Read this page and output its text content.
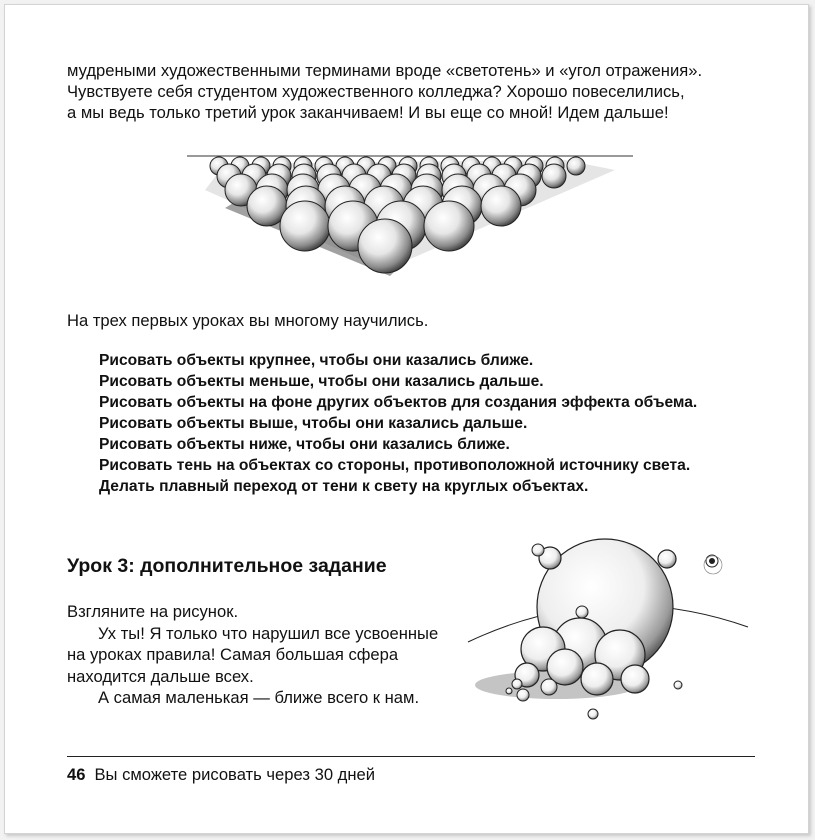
мудреными художественными терминами вроде «светотень» и «угол отражения».
Чувствуете себя студентом художественного колледжа? Хорошо повеселились,
а мы ведь только третий урок заканчиваем! И вы еще со мной! Идем дальше!

На трех первых уроках вы многому научились.

Рисовать объекты крупнее, чтобы они казались ближе.
Рисовать объекты меньше, чтобы они казались дальше.
Рисовать объекты на фоне других объектов для создания эффекта объема.
Рисовать объекты выше, чтобы они казались дальше.
Рисовать объекты ниже, чтобы они казались ближе.
Рисовать тень на объектах со стороны, противоположной источнику света.
Делать плавный переход от тени к свету на круглых объектах.
Урок 3: дополнительное задание

Взгляните на рисунок.

Ух ты! Я только что нарушил все усвоенные на уроках правила! Самая большая сфера находится дальше всех.

А самая маленькая — ближе всего к нам.

46 Вы сможете рисовать через 30 дней
